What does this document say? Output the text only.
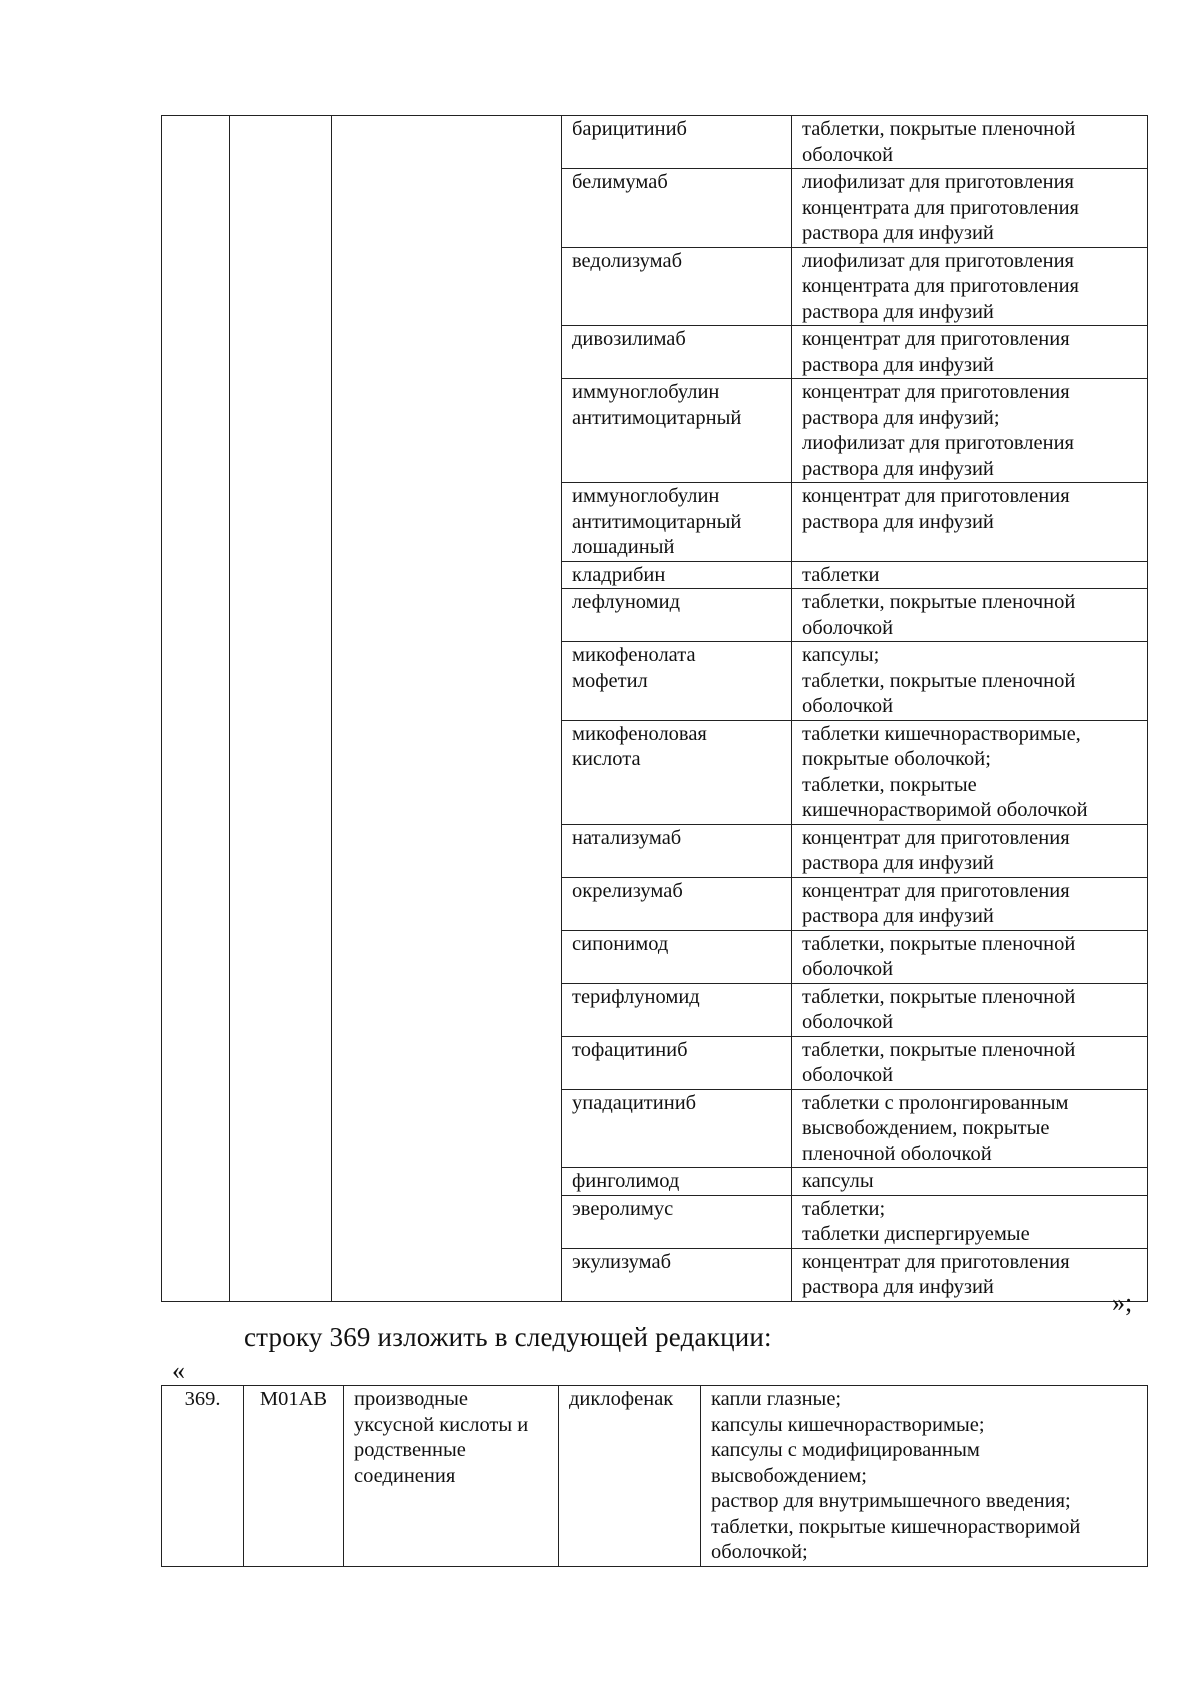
			барицитиниб	таблетки, покрытые пленочной
оболочкой

			белимумаб	лиофилизат для приготовления
концентрата для приготовления
раствора для инфузий

			ведолизумаб	лиофилизат для приготовления
концентрата для приготовления
раствора для инфузий

			дивозилимаб	концентрат для приготовления
раствора для инфузий

			иммуноглобулин
антитимоцитарный	концентрат для приготовления
раствора для инфузий;
лиофилизат для приготовления
раствора для инфузий

			иммуноглобулин
антитимоцитарный
лошадиный	концентрат для приготовления
раствора для инфузий

			кладрибин	таблетки

			лефлуномид	таблетки, покрытые пленочной
оболочкой

			микофенолата
мофетил	капсулы;
таблетки, покрытые пленочной
оболочкой

			микофеноловая
кислота	таблетки кишечнорастворимые,
покрытые оболочкой;
таблетки, покрытые
кишечнорастворимой оболочкой

			натализумаб	концентрат для приготовления
раствора для инфузий

			окрелизумаб	концентрат для приготовления
раствора для инфузий

			сипонимод	таблетки, покрытые пленочной
оболочкой

			терифлуномид	таблетки, покрытые пленочной
оболочкой

			тофацитиниб	таблетки, покрытые пленочной
оболочкой

			упадацитиниб	таблетки с пролонгированным
высвобождением, покрытые
пленочной оболочкой

			финголимод	капсулы

			эверолимус	таблетки;
таблетки диспергируемые

			экулизумаб	концентрат для приготовления
раствора для инфузий
»;
строку 369 изложить в следующей редакции:
«
369.	M01AB	производные
уксусной кислоты и
родственные
соединения

диклофенак	капли глазные;
капсулы кишечнорастворимые;
капсулы с модифицированным
высвобождением;
раствор для внутримышечного введения;
таблетки, покрытые кишечнорастворимой
оболочкой;
